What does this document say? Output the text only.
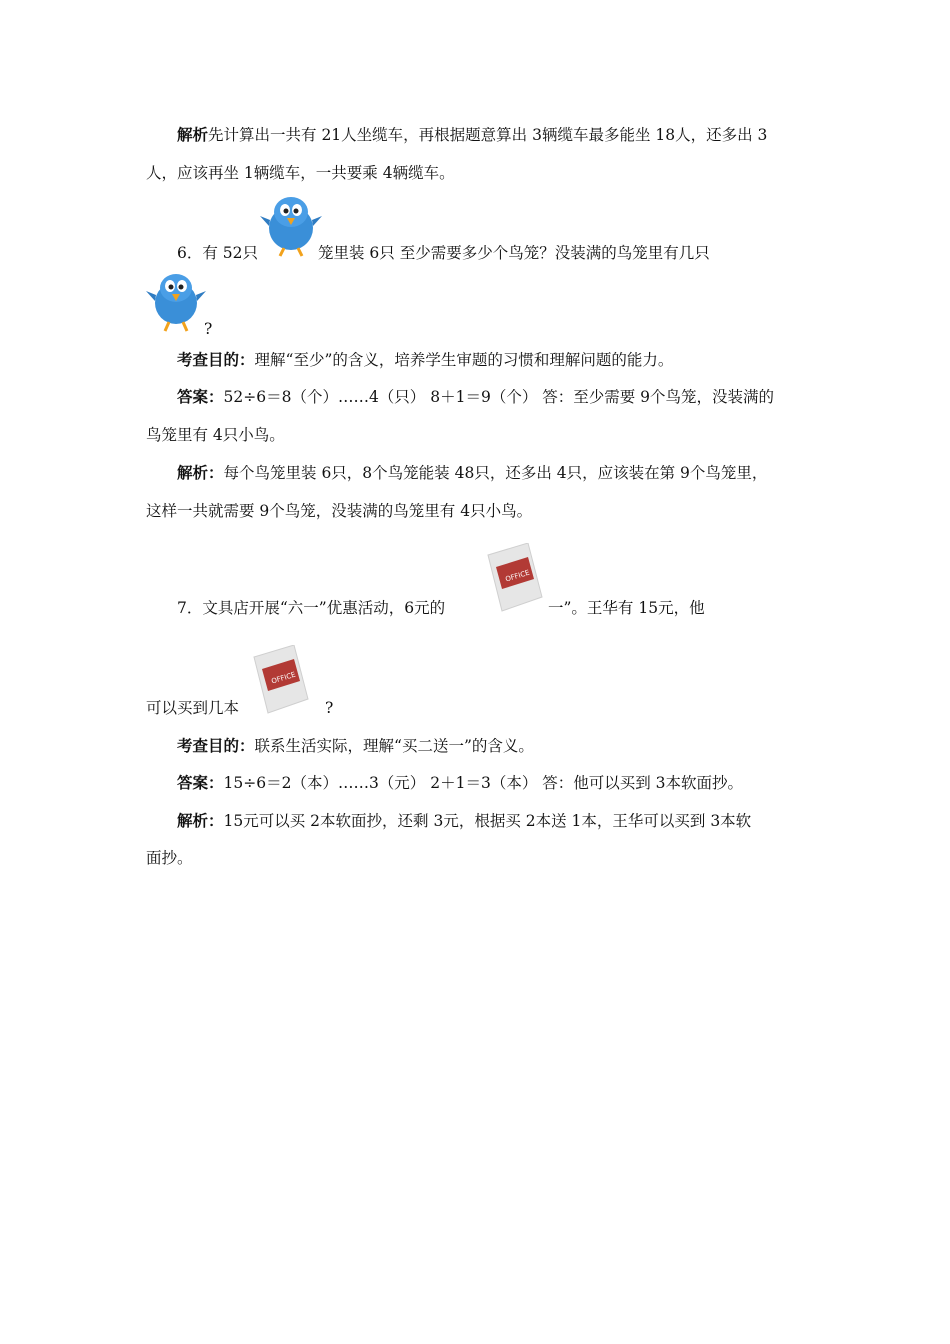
解析先计算出一共有 21人坐缆车，再根据题意算出 3辆缆车最多能坐 18人，还多出 3
人，应该再坐 1辆缆车，一共要乘 4辆缆车。
6．有 52只	笼里装 6只 至少需要多少个鸟笼？没装满的鸟笼里有几只
?
考查目的：理解“至少”的含义，培养学生审题的习惯和理解问题的能力。
答案：52÷6＝8（个）……4（只） 8＋1＝9（个） 答：至少需要 9个鸟笼，没装满的
鸟笼里有 4只小鸟。
解析：每个鸟笼里装 6只，8个鸟笼能装 48只，还多出 4只，应该装在第 9个鸟笼里，
这样一共就需要 9个鸟笼，没装满的鸟笼里有 4只小鸟。
7．文具店开展“六一”优惠活动，6元的
OFFICE
一”。王华有 15元，他
OFFICE
可以买到几本	?
考查目的：联系生活实际，理解“买二送一”的含义。
答案：15÷6＝2（本）……3（元） 2＋1＝3（本） 答：他可以买到 3本软面抄。
解析：15元可以买 2本软面抄，还剩 3元，根据买 2本送 1本，王华可以买到 3本软
面抄。
